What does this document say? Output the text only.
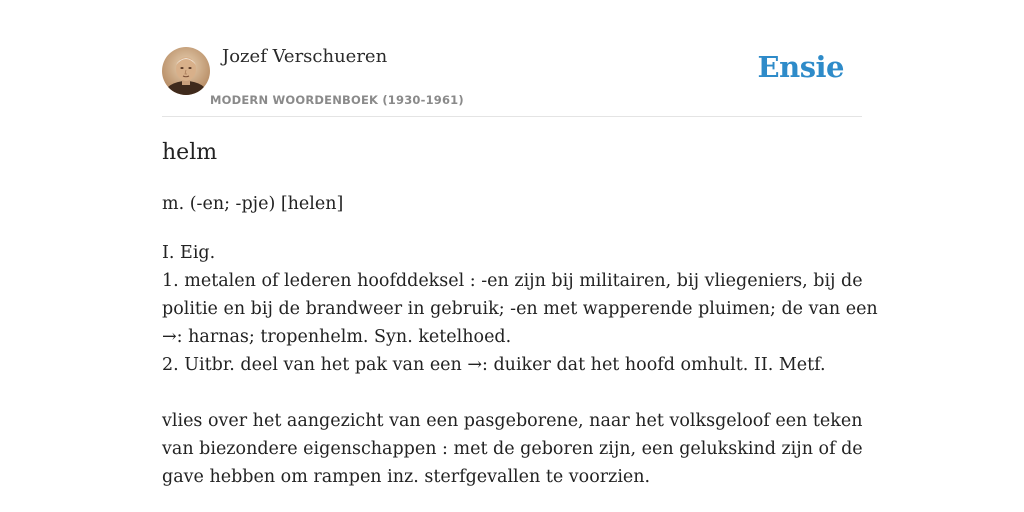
Jozef Verschueren
MODERN WOORDENBOEK (1930-1961)
Ensie
helm
m. (-en; -pje) [helen]
I. Eig.
1. metalen of lederen hoofddeksel : -en zijn bij militairen, bij vliegeniers, bij de
politie en bij de brandweer in gebruik; -en met wapperende pluimen; de van een
→: harnas; tropenhelm. Syn. ketelhoed.
2. Uitbr. deel van het pak van een →: duiker dat het hoofd omhult. II. Metf.
vlies over het aangezicht van een pasgeborene, naar het volksgeloof een teken
van biezondere eigenschappen : met de geboren zijn, een gelukskind zijn of de
gave hebben om rampen inz. sterfgevallen te voorzien.
